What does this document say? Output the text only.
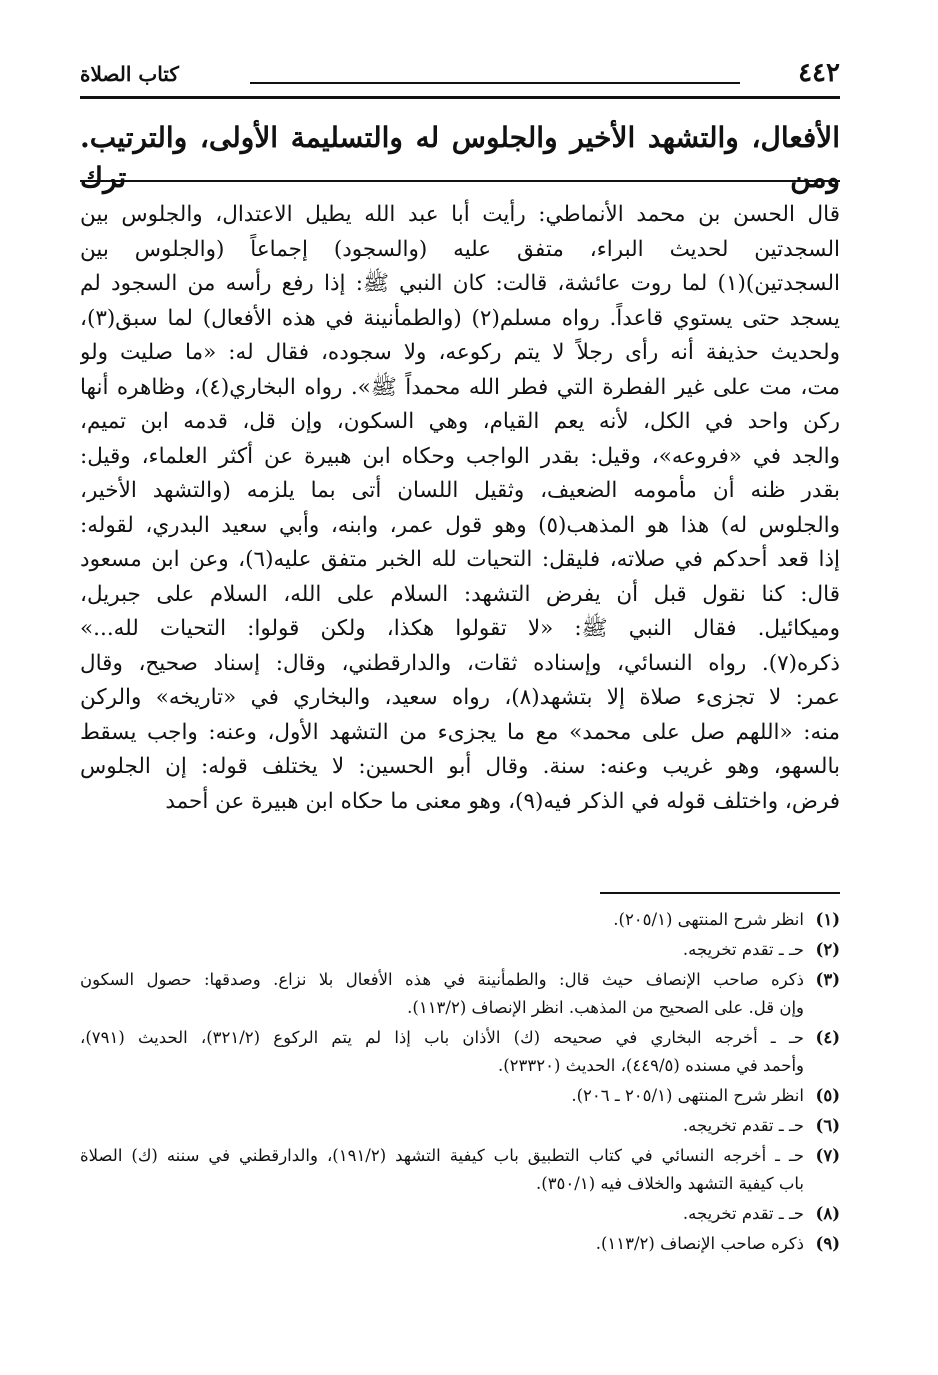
٤٤٢
كتاب الصلاة
الأفعال، والتشهد الأخير والجلوس له والتسليمة الأولى، والترتيب. ومن ترك
قال الحسن بن محمد الأنماطي: رأيت أبا عبد الله يطيل الاعتدال، والجلوس بين
السجدتين لحديث البراء، متفق عليه (والسجود) إجماعاً (والجلوس بين
السجدتين)(١) لما روت عائشة، قالت: كان النبي ﷺ: إذا رفع رأسه من السجود لم
يسجد حتى يستوي قاعداً. رواه مسلم(٢) (والطمأنينة في هذه الأفعال) لما سبق(٣)،
ولحديث حذيفة أنه رأى رجلاً لا يتم ركوعه، ولا سجوده، فقال له: «ما صليت ولو
مت، مت على غير الفطرة التي فطر الله محمداً ﷺ». رواه البخاري(٤)، وظاهره أنها
ركن واحد في الكل، لأنه يعم القيام، وهي السكون، وإن قل، قدمه ابن تميم،
والجد في «فروعه»، وقيل: بقدر الواجب وحكاه ابن هبيرة عن أكثر العلماء، وقيل:
بقدر ظنه أن مأمومه الضعيف، وثقيل اللسان أتى بما يلزمه (والتشهد الأخير،
والجلوس له) هذا هو المذهب(٥) وهو قول عمر، وابنه، وأبي سعيد البدري، لقوله:
إذا قعد أحدكم في صلاته، فليقل: التحيات لله الخبر متفق عليه(٦)، وعن ابن مسعود
قال: كنا نقول قبل أن يفرض التشهد: السلام على الله، السلام على جبريل،
وميكائيل. فقال النبي ﷺ: «لا تقولوا هكذا، ولكن قولوا: التحيات لله...»
ذكره(٧). رواه النسائي، وإسناده ثقات، والدارقطني، وقال: إسناد صحيح، وقال
عمر: لا تجزىء صلاة إلا بتشهد(٨)، رواه سعيد، والبخاري في «تاريخه» والركن
منه: «اللهم صل على محمد» مع ما يجزىء من التشهد الأول، وعنه: واجب يسقط
بالسهو، وهو غريب وعنه: سنة. وقال أبو الحسين: لا يختلف قوله: إن الجلوس
فرض، واختلف قوله في الذكر فيه(٩)، وهو معنى ما حكاه ابن هبيرة عن أحمد
(١)
انظر شرح المنتهى (٢٠٥/١).
(٢)
حـ ـ تقدم تخريجه.
(٣)
ذكره صاحب الإنصاف حيث قال: والطمأنينة في هذه الأفعال بلا نزاع. وصدقها: حصول السكون
وإن قل. على الصحيح من المذهب. انظر الإنصاف (١١٣/٢).
(٤)
حـ ـ أخرجه البخاري في صحيحه (ك) الأذان باب إذا لم يتم الركوع (٣٢١/٢)، الحديث (٧٩١)،
وأحمد في مسنده (٤٤٩/٥)، الحديث (٢٣٣٢٠).
(٥)
انظر شرح المنتهى (٢٠٥/١ ـ ٢٠٦).
(٦)
حـ ـ تقدم تخريجه.
(٧)
حـ ـ أخرجه النسائي في كتاب التطبيق باب كيفية التشهد (١٩١/٢)، والدارقطني في سننه (ك) الصلاة
باب كيفية التشهد والخلاف فيه (٣٥٠/١).
(٨)
حـ ـ تقدم تخريجه.
(٩)
ذكره صاحب الإنصاف (١١٣/٢).
